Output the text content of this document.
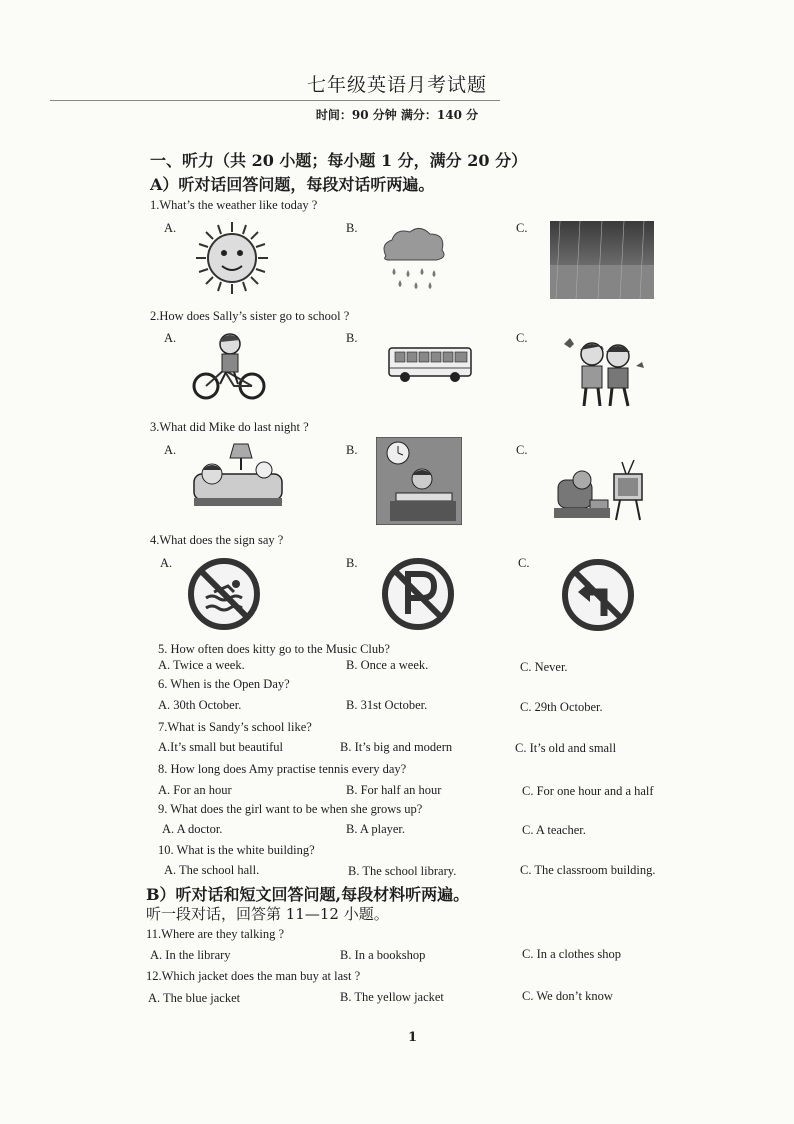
七年级英语月考试题
时间：90 分钟 满分：140 分
一、听力（共 20 小题；每小题 1 分，满分 20 分）
A）听对话回答问题，每段对话听两遍。
1.What’s the weather like today ?
A.	B.	C.
2.How does Sally’s sister go to school ?
A.	B.	C.
3.What did Mike do last night ?
A.	B.	C.
4.What does the sign say ?
A.	B.	C.
5. How often does kitty go to the Music Club?
A. Twice a week.	B. Once a week.	C. Never.
6. When is the Open Day?
A. 30th October.	B. 31st October.	C. 29th October.
7.What is Sandy’s school like?
A.It’s small but beautiful	B. It’s big and modern	C. It’s old and small
8. How long does Amy practise tennis every day?
A. For an hour	B. For half an hour	C. For one hour and a half
9. What does the girl want to be when she grows up?
A. A doctor.	B. A player.	C. A teacher.
10. What is the white building?
A. The school hall.	B. The school library.	C. The classroom building.
B）听对话和短文回答问题,每段材料听两遍。
听一段对话，回答第 11—12 小题。
11.Where are they talking ?
A. In the library	B. In a bookshop	C. In a clothes shop
12.Which jacket does the man buy at last ?
A. The blue jacket	B. The yellow jacket	C. We don’t know
1
